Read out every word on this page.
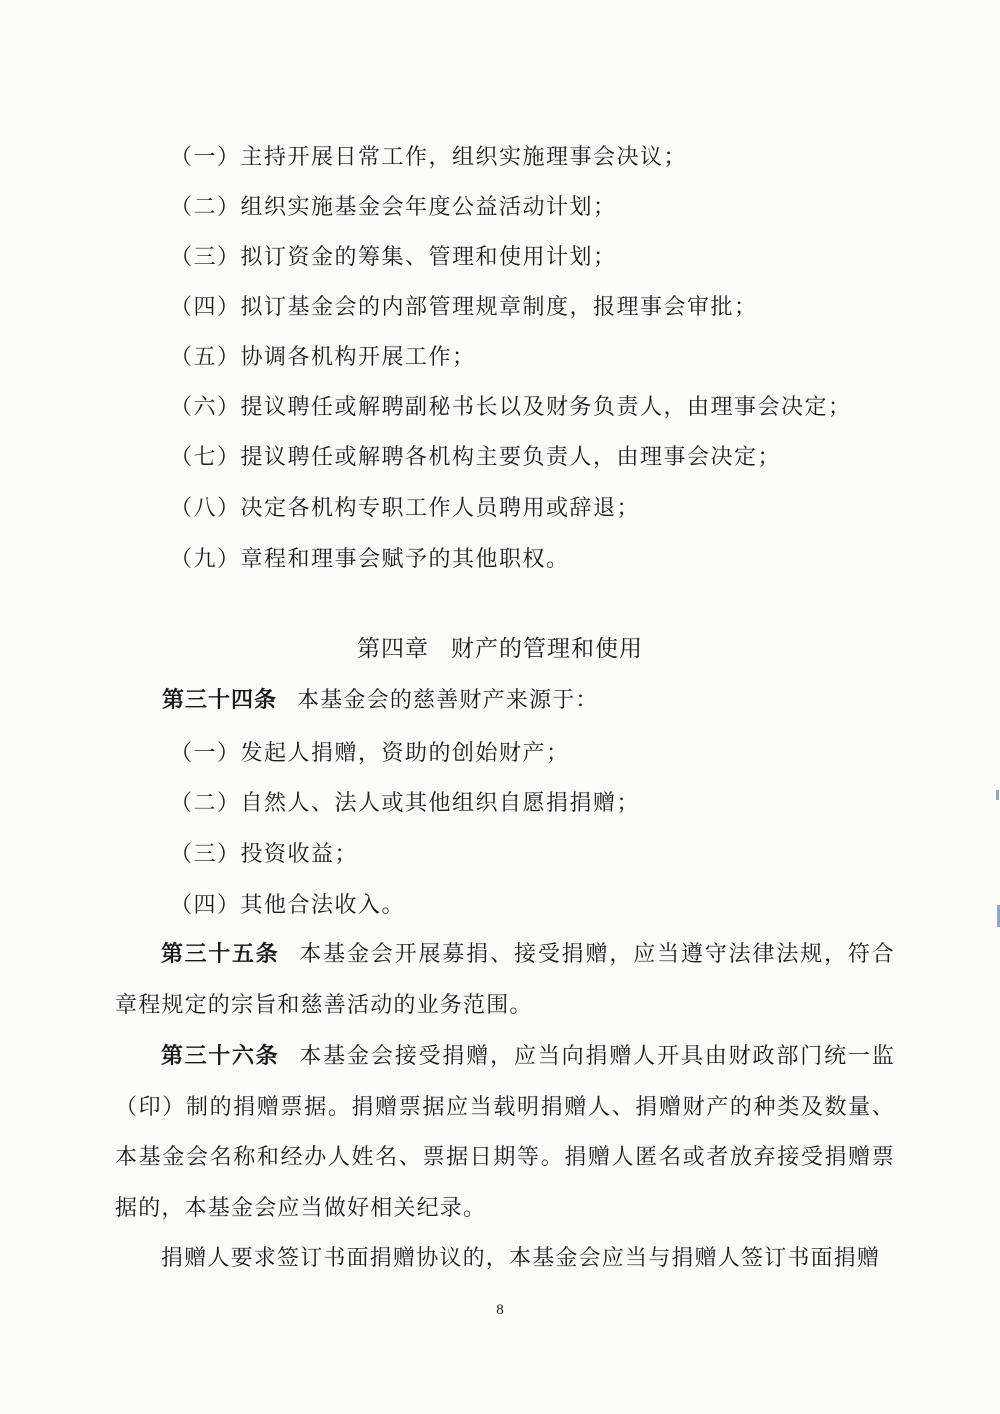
（一）主持开展日常工作，组织实施理事会决议；
（二）组织实施基金会年度公益活动计划；
（三）拟订资金的筹集、管理和使用计划；
（四）拟订基金会的内部管理规章制度，报理事会审批；
（五）协调各机构开展工作；
（六）提议聘任或解聘副秘书长以及财务负责人，由理事会决定；
（七）提议聘任或解聘各机构主要负责人，由理事会决定；
（八）决定各机构专职工作人员聘用或辞退；
（九）章程和理事会赋予的其他职权。
第四章 财产的管理和使用
第三十四条 本基金会的慈善财产来源于：
（一）发起人捐赠，资助的创始财产；
（二）自然人、法人或其他组织自愿捐捐赠；
（三）投资收益；
（四）其他合法收入。
第三十五条 本基金会开展募捐、接受捐赠，应当遵守法律法规，符合章程规定的宗旨和慈善活动的业务范围。
第三十六条 本基金会接受捐赠，应当向捐赠人开具由财政部门统一监（印）制的捐赠票据。捐赠票据应当载明捐赠人、捐赠财产的种类及数量、本基金会名称和经办人姓名、票据日期等。捐赠人匿名或者放弃接受捐赠票据的，本基金会应当做好相关纪录。
捐赠人要求签订书面捐赠协议的，本基金会应当与捐赠人签订书面捐赠
8
